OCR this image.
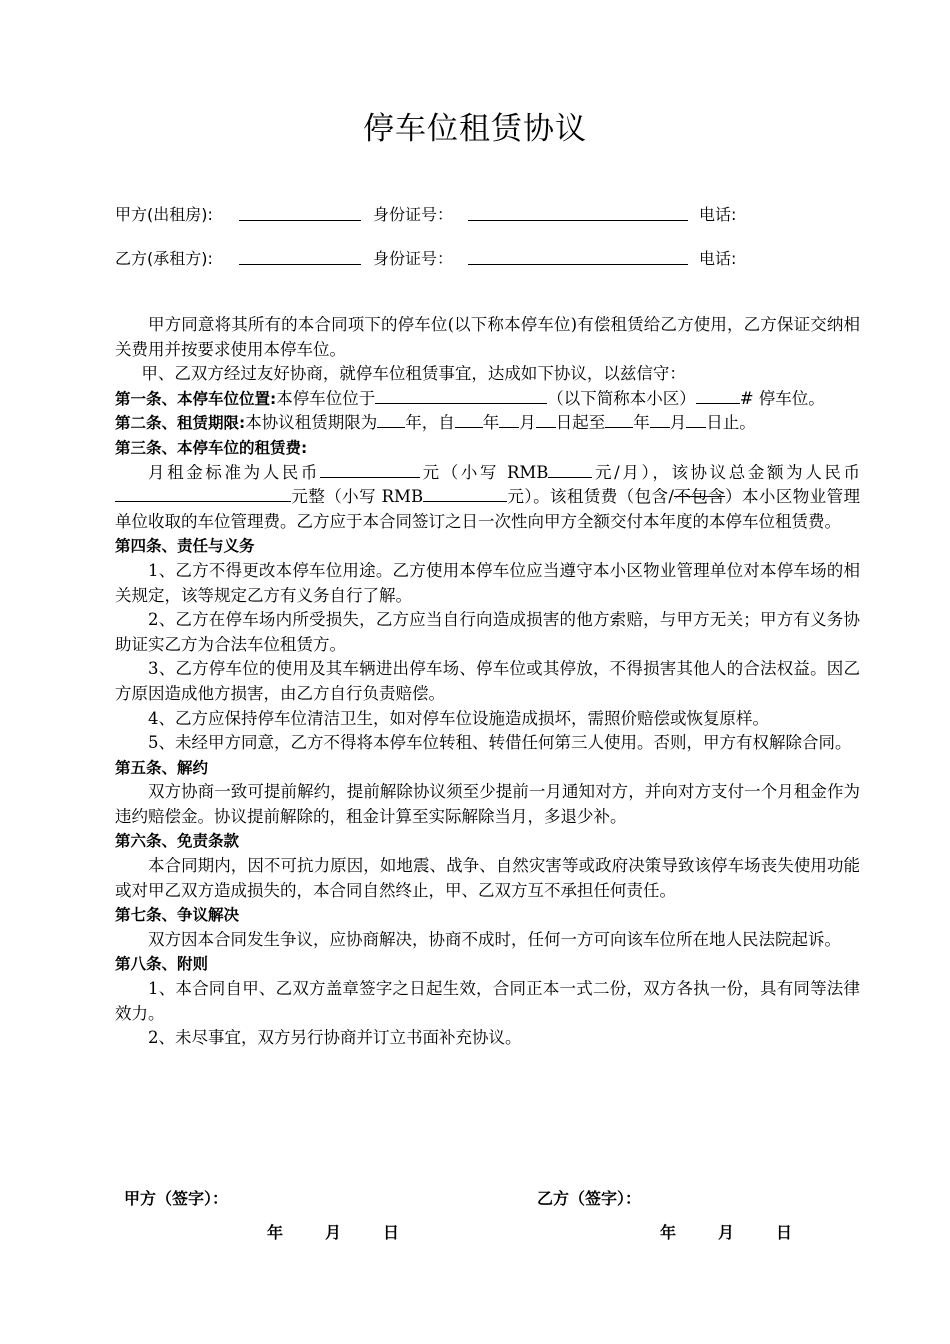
停车位租赁协议
甲方(出租房):	身份证号：	电话:
乙方(承租方):	身份证号：	电话:

甲方同意将其所有的本合同项下的停车位(以下称本停车位)有偿租赁给乙方使用，乙方保证交纳相关费用并按要求使用本停车位。

甲、乙双方经过友好协商，就停车位租赁事宜，达成如下协议，以兹信守：

第一条、本停车位位置:本停车位位于	（以下简称本小区）	# 停车位。

第二条、租赁期限:本协议租赁期限为 年，自 年 月 日起至 年 月 日止。

第三条、本停车位的租赁费:

月租金标准为人民币	元（小写 RMB	元/月），该协议总金额为人民币元整（小写 RMB	元）。该租赁费（包含/不包含）本小区物业管理单位收取的车位管理费。乙方应于本合同签订之日一次性向甲方全额交付本年度的本停车位租赁费。

第四条、责任与义务

1、乙方不得更改本停车位用途。乙方使用本停车位应当遵守本小区物业管理单位对本停车场的相关规定，该等规定乙方有义务自行了解。

2、乙方在停车场内所受损失，乙方应当自行向造成损害的他方索赔，与甲方无关；甲方有义务协助证实乙方为合法车位租赁方。

3、乙方停车位的使用及其车辆进出停车场、停车位或其停放，不得损害其他人的合法权益。因乙方原因造成他方损害，由乙方自行负责赔偿。

4、乙方应保持停车位清洁卫生，如对停车位设施造成损坏，需照价赔偿或恢复原样。

5、未经甲方同意，乙方不得将本停车位转租、转借任何第三人使用。否则，甲方有权解除合同。

第五条、解约

双方协商一致可提前解约，提前解除协议须至少提前一月通知对方，并向对方支付一个月租金作为违约赔偿金。协议提前解除的，租金计算至实际解除当月，多退少补。

第六条、免责条款

本合同期内，因不可抗力原因，如地震、战争、自然灾害等或政府决策导致该停车场丧失使用功能或对甲乙双方造成损失的，本合同自然终止，甲、乙双方互不承担任何责任。

第七条、争议解决

双方因本合同发生争议，应协商解决，协商不成时，任何一方可向该车位所在地人民法院起诉。

第八条、附则

1、本合同自甲、乙双方盖章签字之日起生效，合同正本一式二份，双方各执一份，具有同等法律效力。

2、未尽事宜，双方另行协商并订立书面补充协议。

甲方（签字）：	乙方（签字）：
年	月	日	年	月	日
